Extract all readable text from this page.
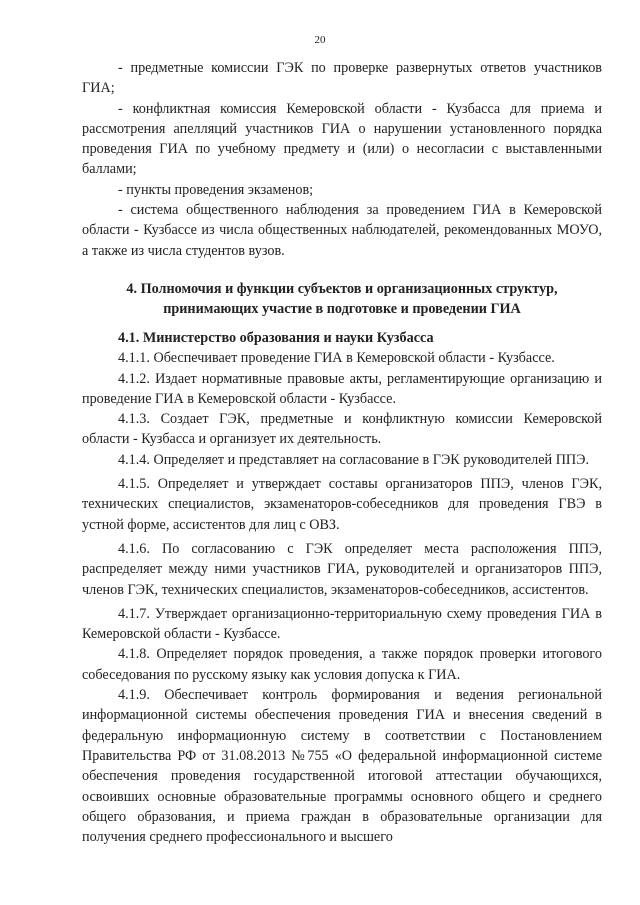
20

- предметные комиссии ГЭК по проверке развернутых ответов участников ГИА;

- конфликтная комиссия Кемеровской области - Кузбасса для приема и рассмотрения апелляций участников ГИА о нарушении установленного порядка проведения ГИА по учебному предмету и (или) о несогласии с выставленными баллами;

- пункты проведения экзаменов;

- система общественного наблюдения за проведением ГИА в Кемеровской области - Кузбассе из числа общественных наблюдателей, рекомендованных МОУО, а также из числа студентов вузов.

4. Полномочия и функции субъектов и организационных структур,
принимающих участие в подготовке и проведении ГИА

4.1. Министерство образования и науки Кузбасса

4.1.1. Обеспечивает проведение ГИА в Кемеровской области - Кузбассе.

4.1.2. Издает нормативные правовые акты, регламентирующие организацию и проведение ГИА в Кемеровской области - Кузбассе.

4.1.3. Создает ГЭК, предметные и конфликтную комиссии Кемеровской области - Кузбасса и организует их деятельность.

4.1.4. Определяет и представляет на согласование в ГЭК руководителей ППЭ.

4.1.5. Определяет и утверждает составы организаторов ППЭ, членов ГЭК, технических специалистов, экзаменаторов-собеседников для проведения ГВЭ в устной форме, ассистентов для лиц с ОВЗ.

4.1.6. По согласованию с ГЭК определяет места расположения ППЭ, распределяет между ними участников ГИА, руководителей и организаторов ППЭ, членов ГЭК, технических специалистов, экзаменаторов-собеседников, ассистентов.

4.1.7. Утверждает организационно-территориальную схему проведения ГИА в Кемеровской области - Кузбассе.

4.1.8. Определяет порядок проведения, а также порядок проверки итогового собеседования по русскому языку как условия допуска к ГИА.

4.1.9. Обеспечивает контроль формирования и ведения региональной информационной системы обеспечения проведения ГИА и внесения сведений в федеральную информационную систему в соответствии с Постановлением Правительства РФ от 31.08.2013 №755 «О федеральной информационной системе обеспечения проведения государственной итоговой аттестации обучающихся, освоивших основные образовательные программы основного общего и среднего общего образования, и приема граждан в образовательные организации для получения среднего профессионального и высшего
